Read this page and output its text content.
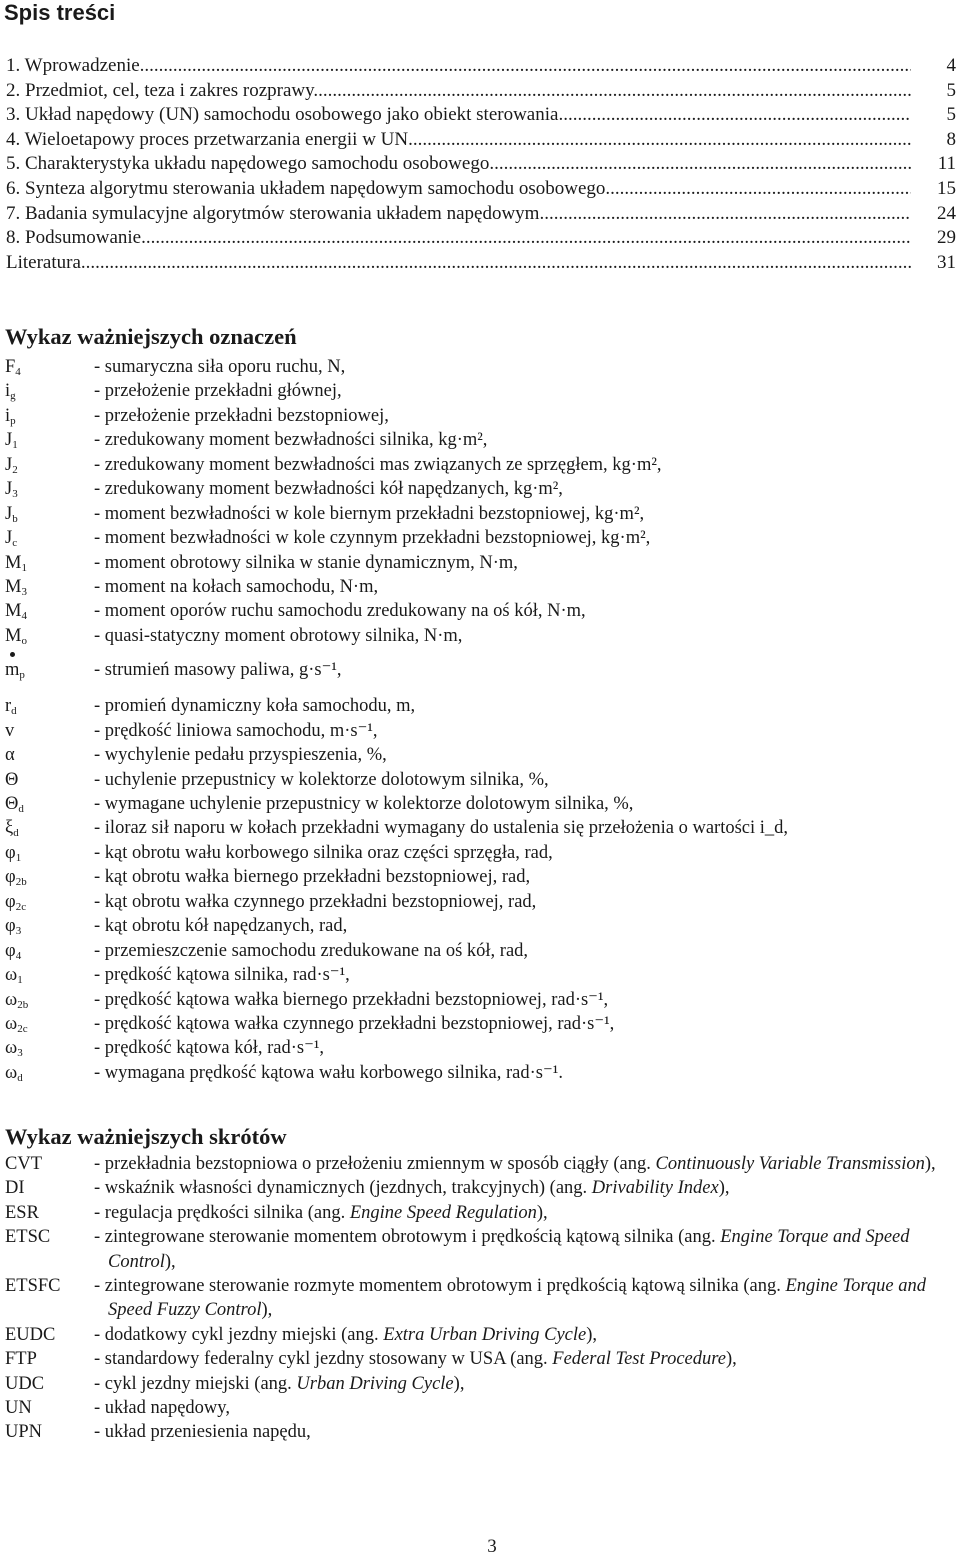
Spis treści
1. Wprowadzenie .....	4
2. Przedmiot, cel, teza i zakres rozprawy .....	5
3. Układ napędowy (UN) samochodu osobowego jako obiekt sterowania .....	5
4. Wieloetapowy proces przetwarzania energii w UN .....	8
5. Charakterystyka układu napędowego samochodu osobowego .....	11
6. Synteza algorytmu sterowania układem napędowym samochodu osobowego .....	15
7. Badania symulacyjne algorytmów sterowania układem napędowym .....	24
8. Podsumowanie .....	29
Literatura .....	31
Wykaz ważniejszych oznaczeń
$F_4$	- sumaryczna siła oporu ruchu, N,
$i_g$	- przełożenie przekładni głównej,
$i_p$	- przełożenie przekładni bezstopniowej,
$J_1$	- zredukowany moment bezwładności silnika, kg·m²,
$J_2$	- zredukowany moment bezwładności mas związanych ze sprzęgłem, kg·m²,
$J_3$	- zredukowany moment bezwładności kół napędzanych, kg·m²,
$J_b$	- moment bezwładności w kole biernym przekładni bezstopniowej, kg·m²,
$J_c$	- moment bezwładności w kole czynnym przekładni bezstopniowej, kg·m²,
$M_1$	- moment obrotowy silnika w stanie dynamicznym, N·m,
$M_3$	- moment na kołach samochodu, N·m,
$M_4$	- moment oporów ruchu samochodu zredukowany na oś kół, N·m,
$M_o$	- quasi-statyczny moment obrotowy silnika, N·m,
$m_p$	- strumień masowy paliwa, g·s⁻¹,
$r_d$	- promień dynamiczny koła samochodu, m,
v	- prędkość liniowa samochodu, m·s⁻¹,
α	- wychylenie pedału przyspieszenia, %,
Θ	- uchylenie przepustnicy w kolektorze dolotowym silnika, %,
$\Theta_d$	- wymagane uchylenie przepustnicy w kolektorze dolotowym silnika, %,
$\xi_d$	- iloraz sił naporu w kołach przekładni wymagany do ustalenia się przełożenia o wartości i_d,
$\varphi_1$	- kąt obrotu wału korbowego silnika oraz części sprzęgła, rad,
$\varphi_{2b}$	- kąt obrotu wałka biernego przekładni bezstopniowej, rad,
$\varphi_{2c}$	- kąt obrotu wałka czynnego przekładni bezstopniowej, rad,
$\varphi_3$	- kąt obrotu kół napędzanych, rad,
$\varphi_4$	- przemieszczenie samochodu zredukowane na oś kół, rad,
$\omega_1$	- prędkość kątowa silnika, rad·s⁻¹,
$\omega_{2b}$	- prędkość kątowa wałka biernego przekładni bezstopniowej, rad·s⁻¹,
$\omega_{2c}$	- prędkość kątowa wałka czynnego przekładni bezstopniowej, rad·s⁻¹,
$\omega_3$	- prędkość kątowa kół, rad·s⁻¹,
$\omega_d$	- wymagana prędkość kątowa wału korbowego silnika, rad·s⁻¹.
Wykaz ważniejszych skrótów
CVT	- przekładnia bezstopniowa o przełożeniu zmiennym w sposób ciągły (ang. Continuously Variable Transmission),
DI	- wskaźnik własności dynamicznych (jezdnych, trakcyjnych) (ang. Drivability Index),
ESR	- regulacja prędkości silnika (ang. Engine Speed Regulation),
ETSC	- zintegrowane sterowanie momentem obrotowym i prędkością kątową silnika (ang. Engine Torque and Speed Control),
ETSFC	- zintegrowane sterowanie rozmyte momentem obrotowym i prędkością kątową silnika (ang. Engine Torque and Speed Fuzzy Control),
EUDC	- dodatkowy cykl jezdny miejski (ang. Extra Urban Driving Cycle),
FTP	- standardowy federalny cykl jezdny stosowany w USA (ang. Federal Test Procedure),
UDC	- cykl jezdny miejski (ang. Urban Driving Cycle),
UN	- układ napędowy,
UPN	- układ przeniesienia napędu,
3
